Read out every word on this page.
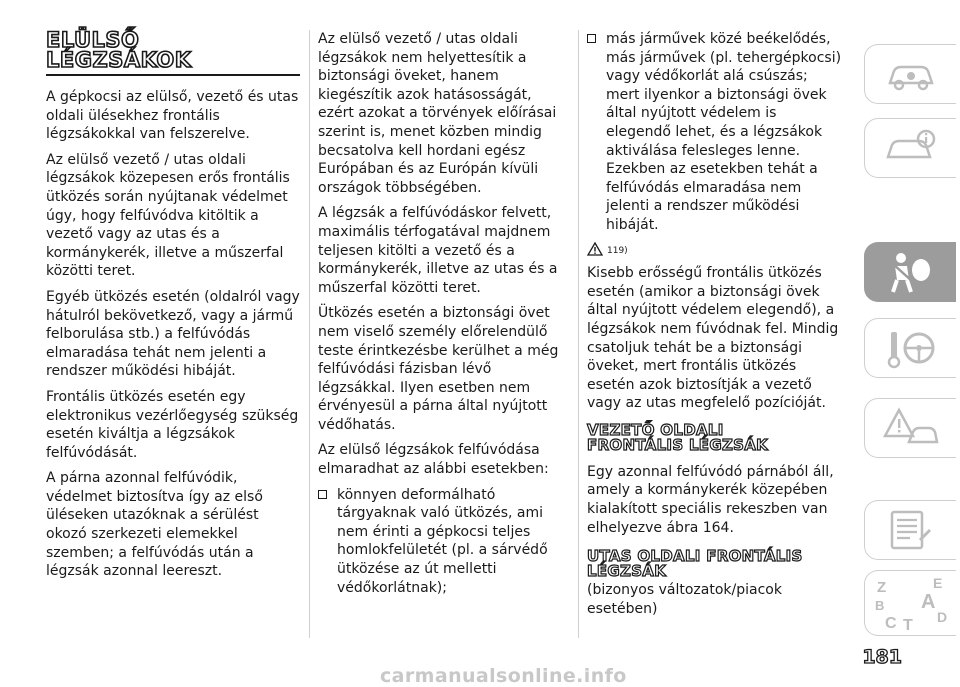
ELÜLSŐ
LÉGZSÁKOK

A gépkocsi az elülső, vezető és utas oldali ülésekhez frontális légzsákokkal van felszerelve.

Az elülső vezető / utas oldali légzsákok közepesen erős frontális ütközés során nyújtanak védelmet úgy, hogy felfúvódva kitöltik a vezető vagy az utas és a kormánykerék, illetve a műszerfal közötti teret.

Egyéb ütközés esetén (oldalról vagy hátulról bekövetkező, vagy a jármű felborulása stb.) a felfúvódás elmaradása tehát nem jelenti a rendszer működési hibáját.

Frontális ütközés esetén egy elektronikus vezérlőegység szükség esetén kiváltja a légzsákok felfúvódását.

A párna azonnal felfúvódik, védelmet biztosítva így az első üléseken utazóknak a sérülést okozó szerkezeti elemekkel szemben; a felfúvódás után a légzsák azonnal leereszt.

Az elülső vezető / utas oldali légzsákok nem helyettesítik a biztonsági öveket, hanem kiegészítik azok hatásosságát, ezért azokat a törvények előírásai szerint is, menet közben mindig becsatolva kell hordani egész Európában és az Európán kívüli országok többségében.

A légzsák a felfúvódáskor felvett, maximális térfogatával majdnem teljesen kitölti a vezető és a kormánykerék, illetve az utas és a műszerfal közötti teret.

Ütközés esetén a biztonsági övet nem viselő személy előrelendülő teste érintkezésbe kerülhet a még felfúvódási fázisban lévő légzsákkal. Ilyen esetben nem érvényesül a párna által nyújtott védőhatás.

Az elülső légzsákok felfúvódása elmaradhat az alábbi esetekben:

könnyen deformálható tárgyaknak való ütközés, ami nem érinti a gépkocsi teljes homlokfelületét (pl. a sárvédő ütközése az út melletti védőkorlátnak);
más járművek közé beékelődés, más járművek (pl. tehergépkocsi) vagy védőkorlát alá csúszás; mert ilyenkor a biztonsági övek által nyújtott védelem is elegendő lehet, és a légzsákok aktiválása felesleges lenne. Ezekben az esetekben tehát a felfúvódás elmaradása nem jelenti a rendszer működési hibáját.
119)

Kisebb erősségű frontális ütközés esetén (amikor a biztonsági övek által nyújtott védelem elegendő), a légzsákok nem fúvódnak fel. Mindig csatoljuk tehát be a biztonsági öveket, mert frontális ütközés esetén azok biztosítják a vezető vagy az utas megfelelő pozícióját.

VEZETŐ OLDALI FRONTÁLIS LÉGZSÁK

Egy azonnal felfúvódó párnából áll, amely a kormánykerék közepében kialakított speciális rekeszben van elhelyezve ábra 164.

UTAS OLDALI FRONTÁLIS LÉGZSÁK

(bizonyos változatok/piacok esetében)

Z	E
B A
C T D
181
carmanualsonline.info
